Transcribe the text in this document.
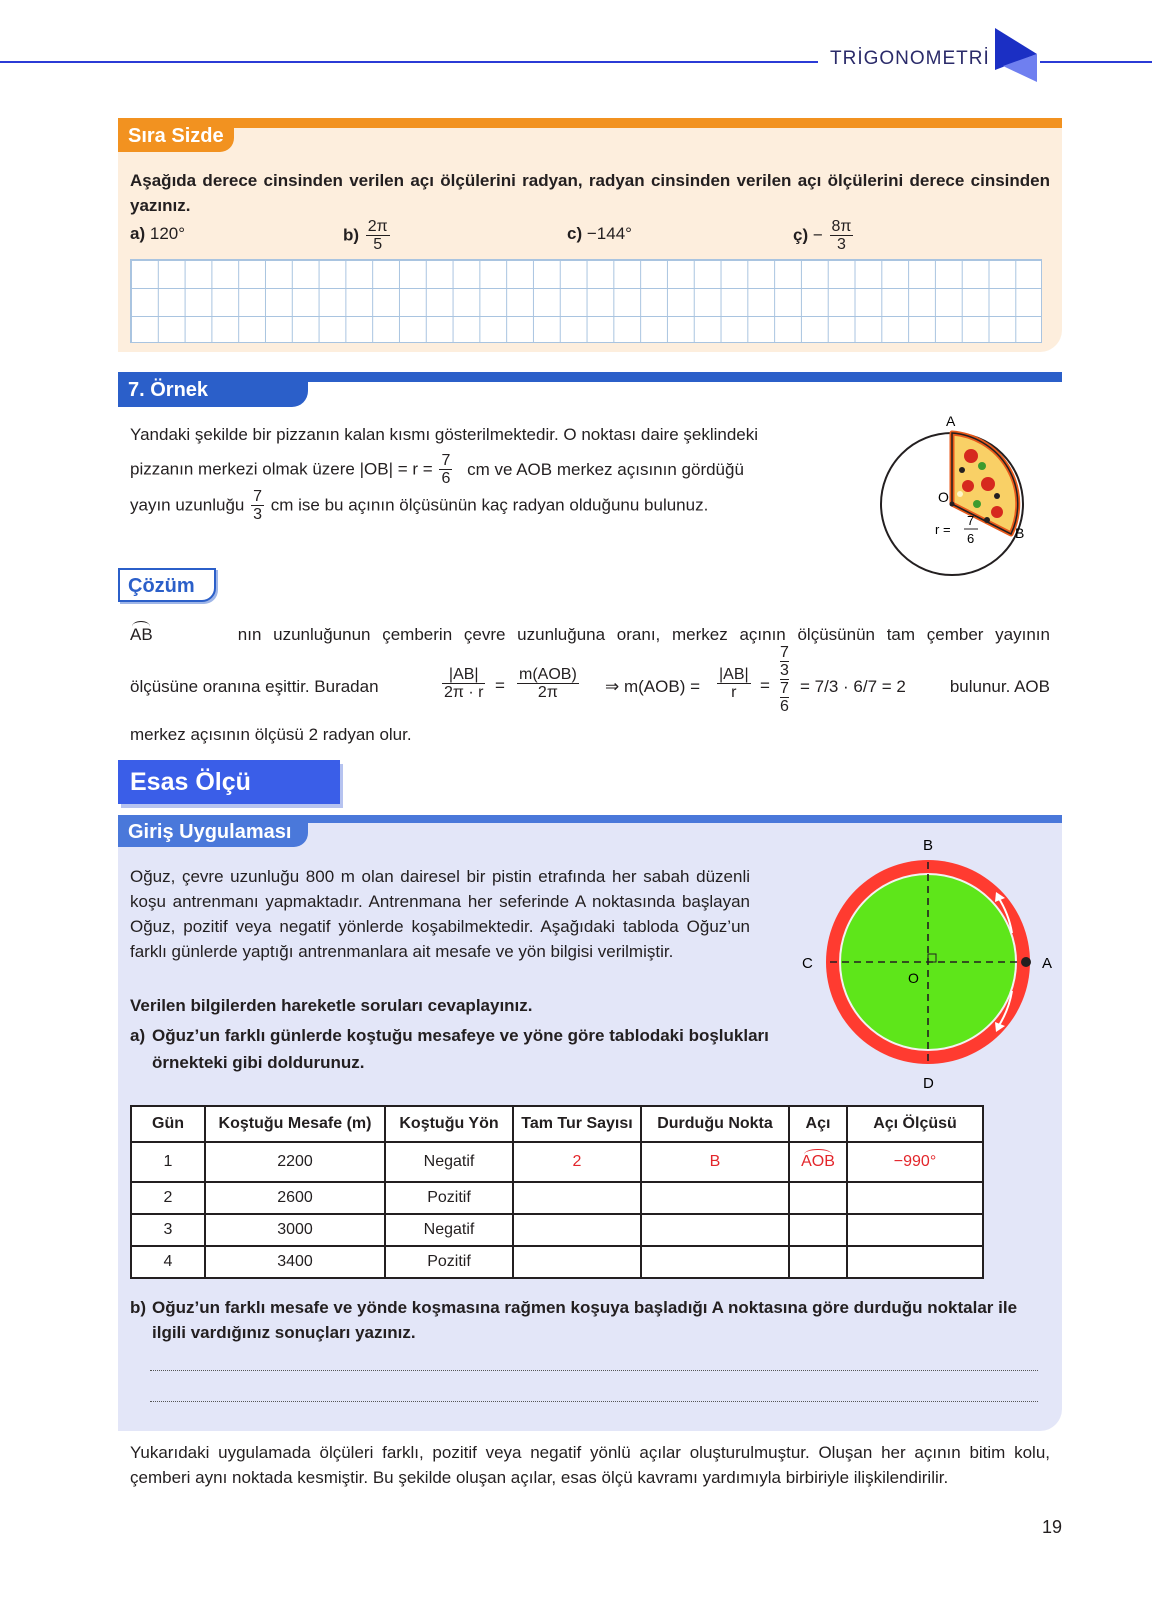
TRİGONOMETRİ
Sıra Sizde
Aşağıda derece cinsinden verilen açı ölçülerini radyan, radyan cinsinden verilen açı ölçülerini derece cinsinden yazınız.
a) 120°	$b) \frac{2\pi}{5}$	c) −144°	ç) − $\frac{8\pi}{3}$
7. Örnek
Yandaki şekilde bir pizzanın kalan kısmı gösterilmektedir. O noktası daire şeklindeki
pizzanın merkezi olmak üzere $|OB| = r = \frac{7}{6}$ cm ve AOB merkez açısının gördüğü
yayın uzunluğu $\frac{7}{3}$ cm ise bu açının ölçüsünün kaç radyan olduğunu bulunuz.
A
B
O
r =
7
6
Çözüm
AB	nın uzunluğunun çemberin çevre uzunluğuna oranı, merkez açının ölçüsünün tam çember yayının
ölçüsüne oranına eşittir. Buradan	$\frac{|AB|}{2\pi \cdot r}$ =
m(AOB)
2π	⇒ $m(AOB) = \frac{|AB|}{r}$ =
7
3
7
6
= 7/3 · 6/7 = 2	bulunur. AOB
merkez açısının ölçüsü 2 radyan olur.
Esas Ölçü
Giriş Uygulaması
Oğuz, çevre uzunluğu 800 m olan dairesel bir pistin etrafında her sabah düzenli koşu antrenmanı yapmaktadır. Antrenmana her seferinde A noktasında başlayan Oğuz, pozitif veya negatif yönlerde koşabilmektedir. Aşağıdaki tabloda Oğuz’un farklı günlerde yaptığı antrenmanlara ait mesafe ve yön bilgisi verilmiştir.
Verilen bilgilerden hareketle soruları cevaplayınız.
a) Oğuz’un farklı günlerde koştuğu mesafeye ve yöne göre tablodaki boşlukları örnekteki gibi doldurunuz.
B
D
C	A
O
Gün	Koştuğu Mesafe (m)	Koştuğu Yön	Tam Tur Sayısı	Durduğu Nokta	Açı	Açı Ölçüsü
1	2200	Negatif	2	B	AOB	−990°
2	2600	Pozitif				
3	3000	Negatif				
4	3400	Pozitif				
b) Oğuz’un farklı mesafe ve yönde koşmasına rağmen koşuya başladığı A noktasına göre durduğu noktalar ile ilgili vardığınız sonuçları yazınız.
Yukarıdaki uygulamada ölçüleri farklı, pozitif veya negatif yönlü açılar oluşturulmuştur. Oluşan her açının bitim kolu, çemberi aynı noktada kesmiştir. Bu şekilde oluşan açılar, esas ölçü kavramı yardımıyla birbiriyle ilişkilendirilir.
19
